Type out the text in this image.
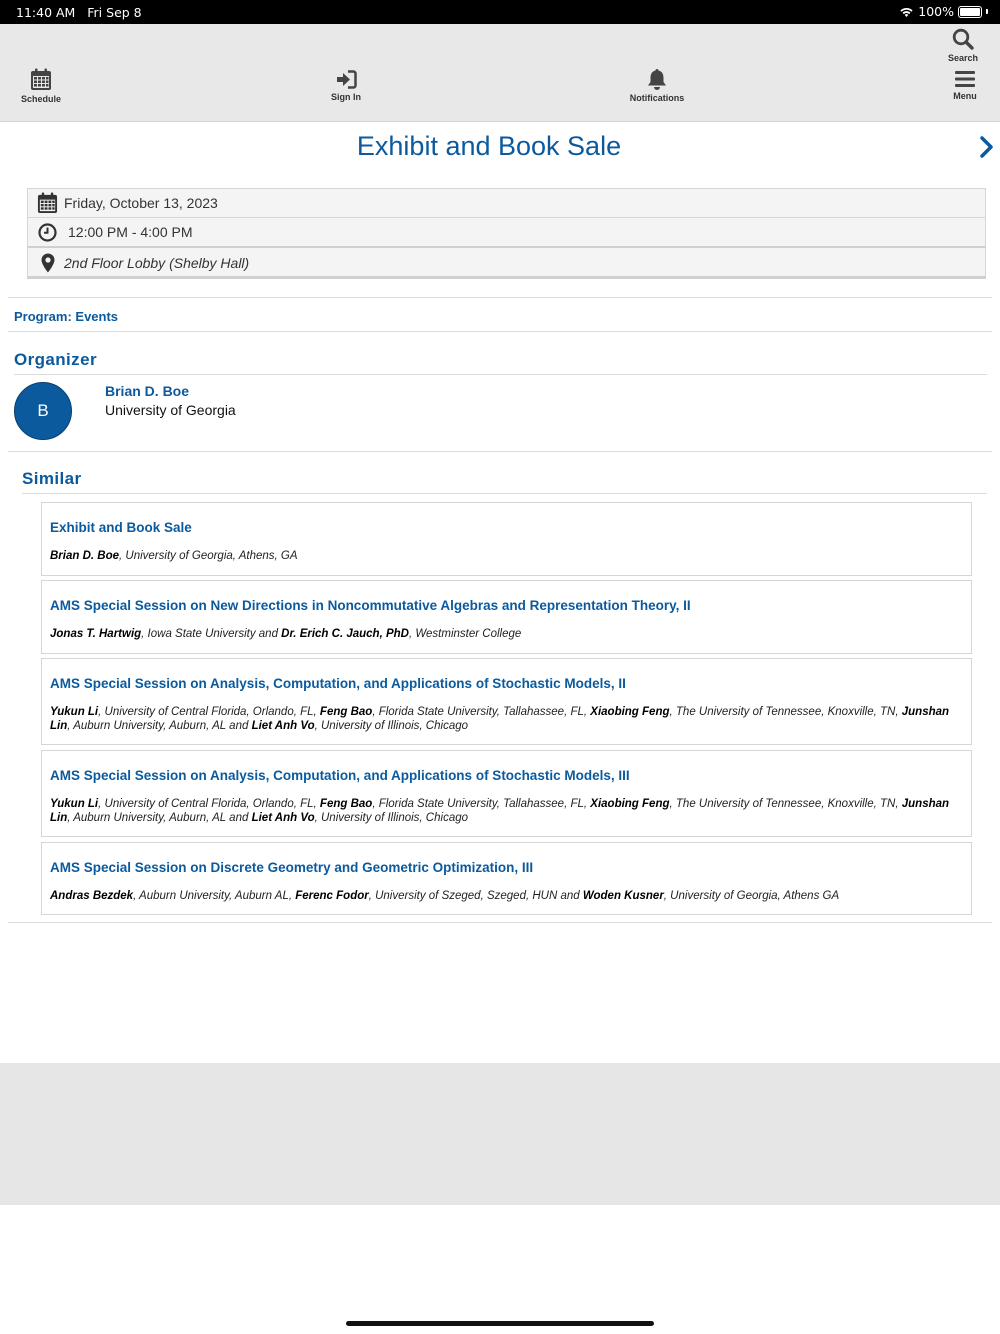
11:40 AM Fri Sep 8	100%
Schedule	Sign In	Notifications
Search
Menu
Exhibit and Book Sale
Friday, October 13, 2023
12:00 PM - 4:00 PM
2nd Floor Lobby (Shelby Hall)
Program: Events
Organizer
B
Brian D. Boe
University of Georgia
Similar
Exhibit and Book Sale
Brian D. Boe, University of Georgia, Athens, GA
AMS Special Session on New Directions in Noncommutative Algebras and Representation Theory, II
Jonas T. Hartwig, Iowa State University and Dr. Erich C. Jauch, PhD, Westminster College
AMS Special Session on Analysis, Computation, and Applications of Stochastic Models, II
Yukun Li, University of Central Florida, Orlando, FL, Feng Bao, Florida State University, Tallahassee, FL, Xiaobing Feng, The University of Tennessee, Knoxville, TN, Junshan Lin, Auburn University, Auburn, AL and Liet Anh Vo, University of Illinois, Chicago
AMS Special Session on Analysis, Computation, and Applications of Stochastic Models, III
Yukun Li, University of Central Florida, Orlando, FL, Feng Bao, Florida State University, Tallahassee, FL, Xiaobing Feng, The University of Tennessee, Knoxville, TN, Junshan Lin, Auburn University, Auburn, AL and Liet Anh Vo, University of Illinois, Chicago
AMS Special Session on Discrete Geometry and Geometric Optimization, III
Andras Bezdek, Auburn University, Auburn AL, Ferenc Fodor, University of Szeged, Szeged, HUN and Woden Kusner, University of Georgia, Athens GA
